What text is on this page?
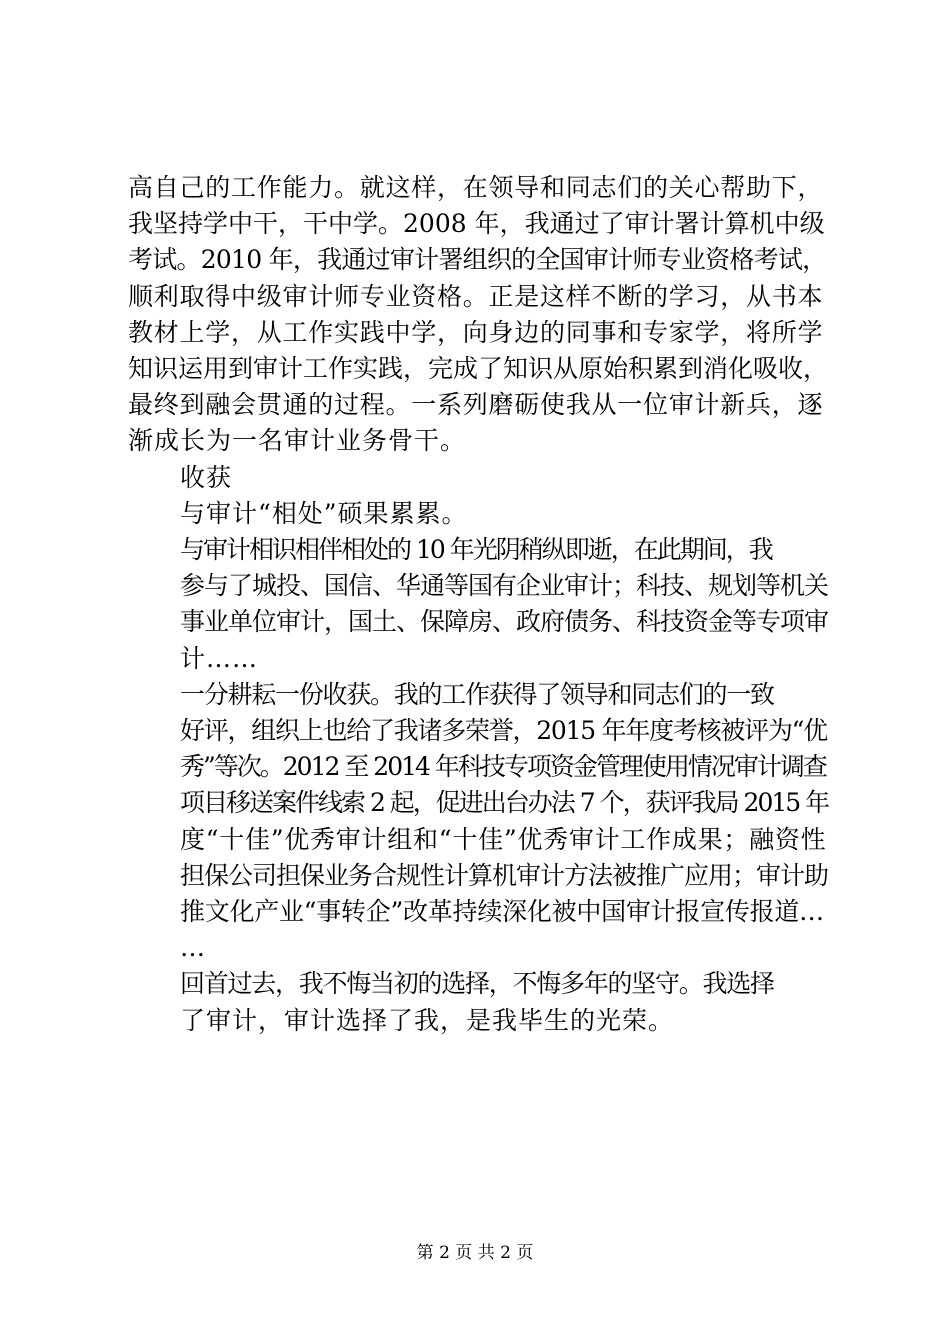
高自己的工作能力。就这样，在领导和同志们的关心帮助下，
我坚持学中干，干中学。2008 年，我通过了审计署计算机中级
考试。2010 年，我通过审计署组织的全国审计师专业资格考试，
顺利取得中级审计师专业资格。正是这样不断的学习，从书本
教材上学，从工作实践中学，向身边的同事和专家学，将所学
知识运用到审计工作实践，完成了知识从原始积累到消化吸收，
最终到融会贯通的过程。一系列磨砺使我从一位审计新兵，逐
渐成长为一名审计业务骨干。

收获

与审计“相处”硕果累累。

与审计相识相伴相处的 10 年光阴稍纵即逝，在此期间，我
参与了城投、国信、华通等国有企业审计；科技、规划等机关
事业单位审计，国土、保障房、政府债务、科技资金等专项审
计……

一分耕耘一份收获。我的工作获得了领导和同志们的一致
好评，组织上也给了我诸多荣誉，2015 年年度考核被评为“优
秀”等次。2012 至 2014 年科技专项资金管理使用情况审计调查
项目移送案件线索 2 起，促进出台办法 7 个，获评我局 2015 年
度“十佳”优秀审计组和“十佳”优秀审计工作成果；融资性
担保公司担保业务合规性计算机审计方法被推广应用；审计助
推文化产业“事转企”改革持续深化被中国审计报宣传报道…
…

回首过去，我不悔当初的选择，不悔多年的坚守。我选择
了审计，审计选择了我，是我毕生的光荣。

第 2 页 共 2 页
